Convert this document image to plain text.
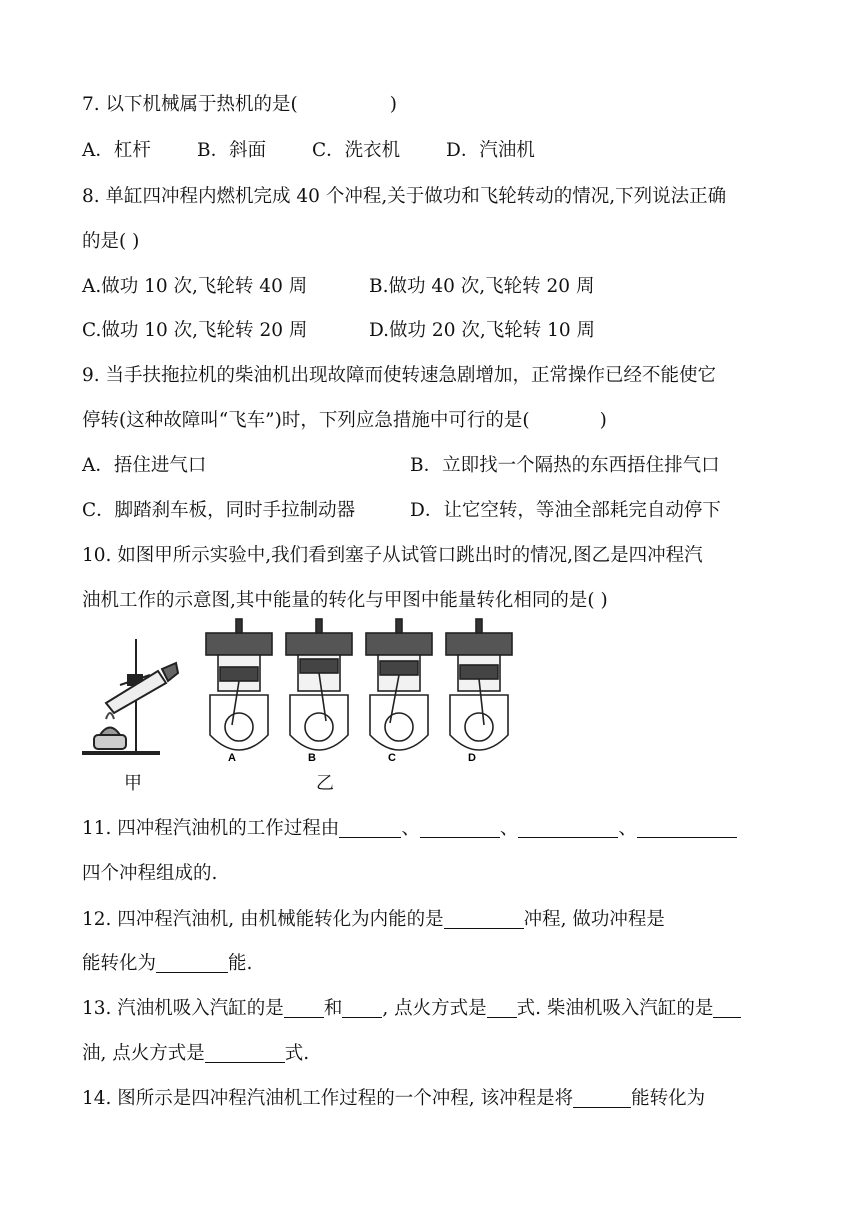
7. 以下机械属于热机的是(	)
A．杠杆 B．斜面 C．洗衣机 D．汽油机
8. 单缸四冲程内燃机完成 40 个冲程,关于做功和飞轮转动的情况,下列说法正确
的是( )
A.做功 10 次,飞轮转 40 周	B.做功 40 次,飞轮转 20 周
C.做功 10 次,飞轮转 20 周	D.做功 20 次,飞轮转 10 周
9. 当手扶拖拉机的柴油机出现故障而使转速急剧增加，正常操作已经不能使它
停转(这种故障叫“飞车”)时，下列应急措施中可行的是(	)
A．捂住进气口	B．立即找一个隔热的东西捂住排气口
C．脚踏刹车板，同时手拉制动器	D．让它空转，等油全部耗完自动停下
10. 如图甲所示实验中,我们看到塞子从试管口跳出时的情况,图乙是四冲程汽
油机工作的示意图,其中能量的转化与甲图中能量转化相同的是( )
A	B	C	D
甲	乙
11. 四冲程汽油机的工作过程由	、	、	、
四个冲程组成的.
12. 四冲程汽油机, 由机械能转化为内能的是	冲程, 做功冲程是
能转化为	能.
13. 汽油机吸入汽缸的是 和 , 点火方式是 式. 柴油机吸入汽缸的是
油, 点火方式是	式.
14. 图所示是四冲程汽油机工作过程的一个冲程, 该冲程是将	能转化为
